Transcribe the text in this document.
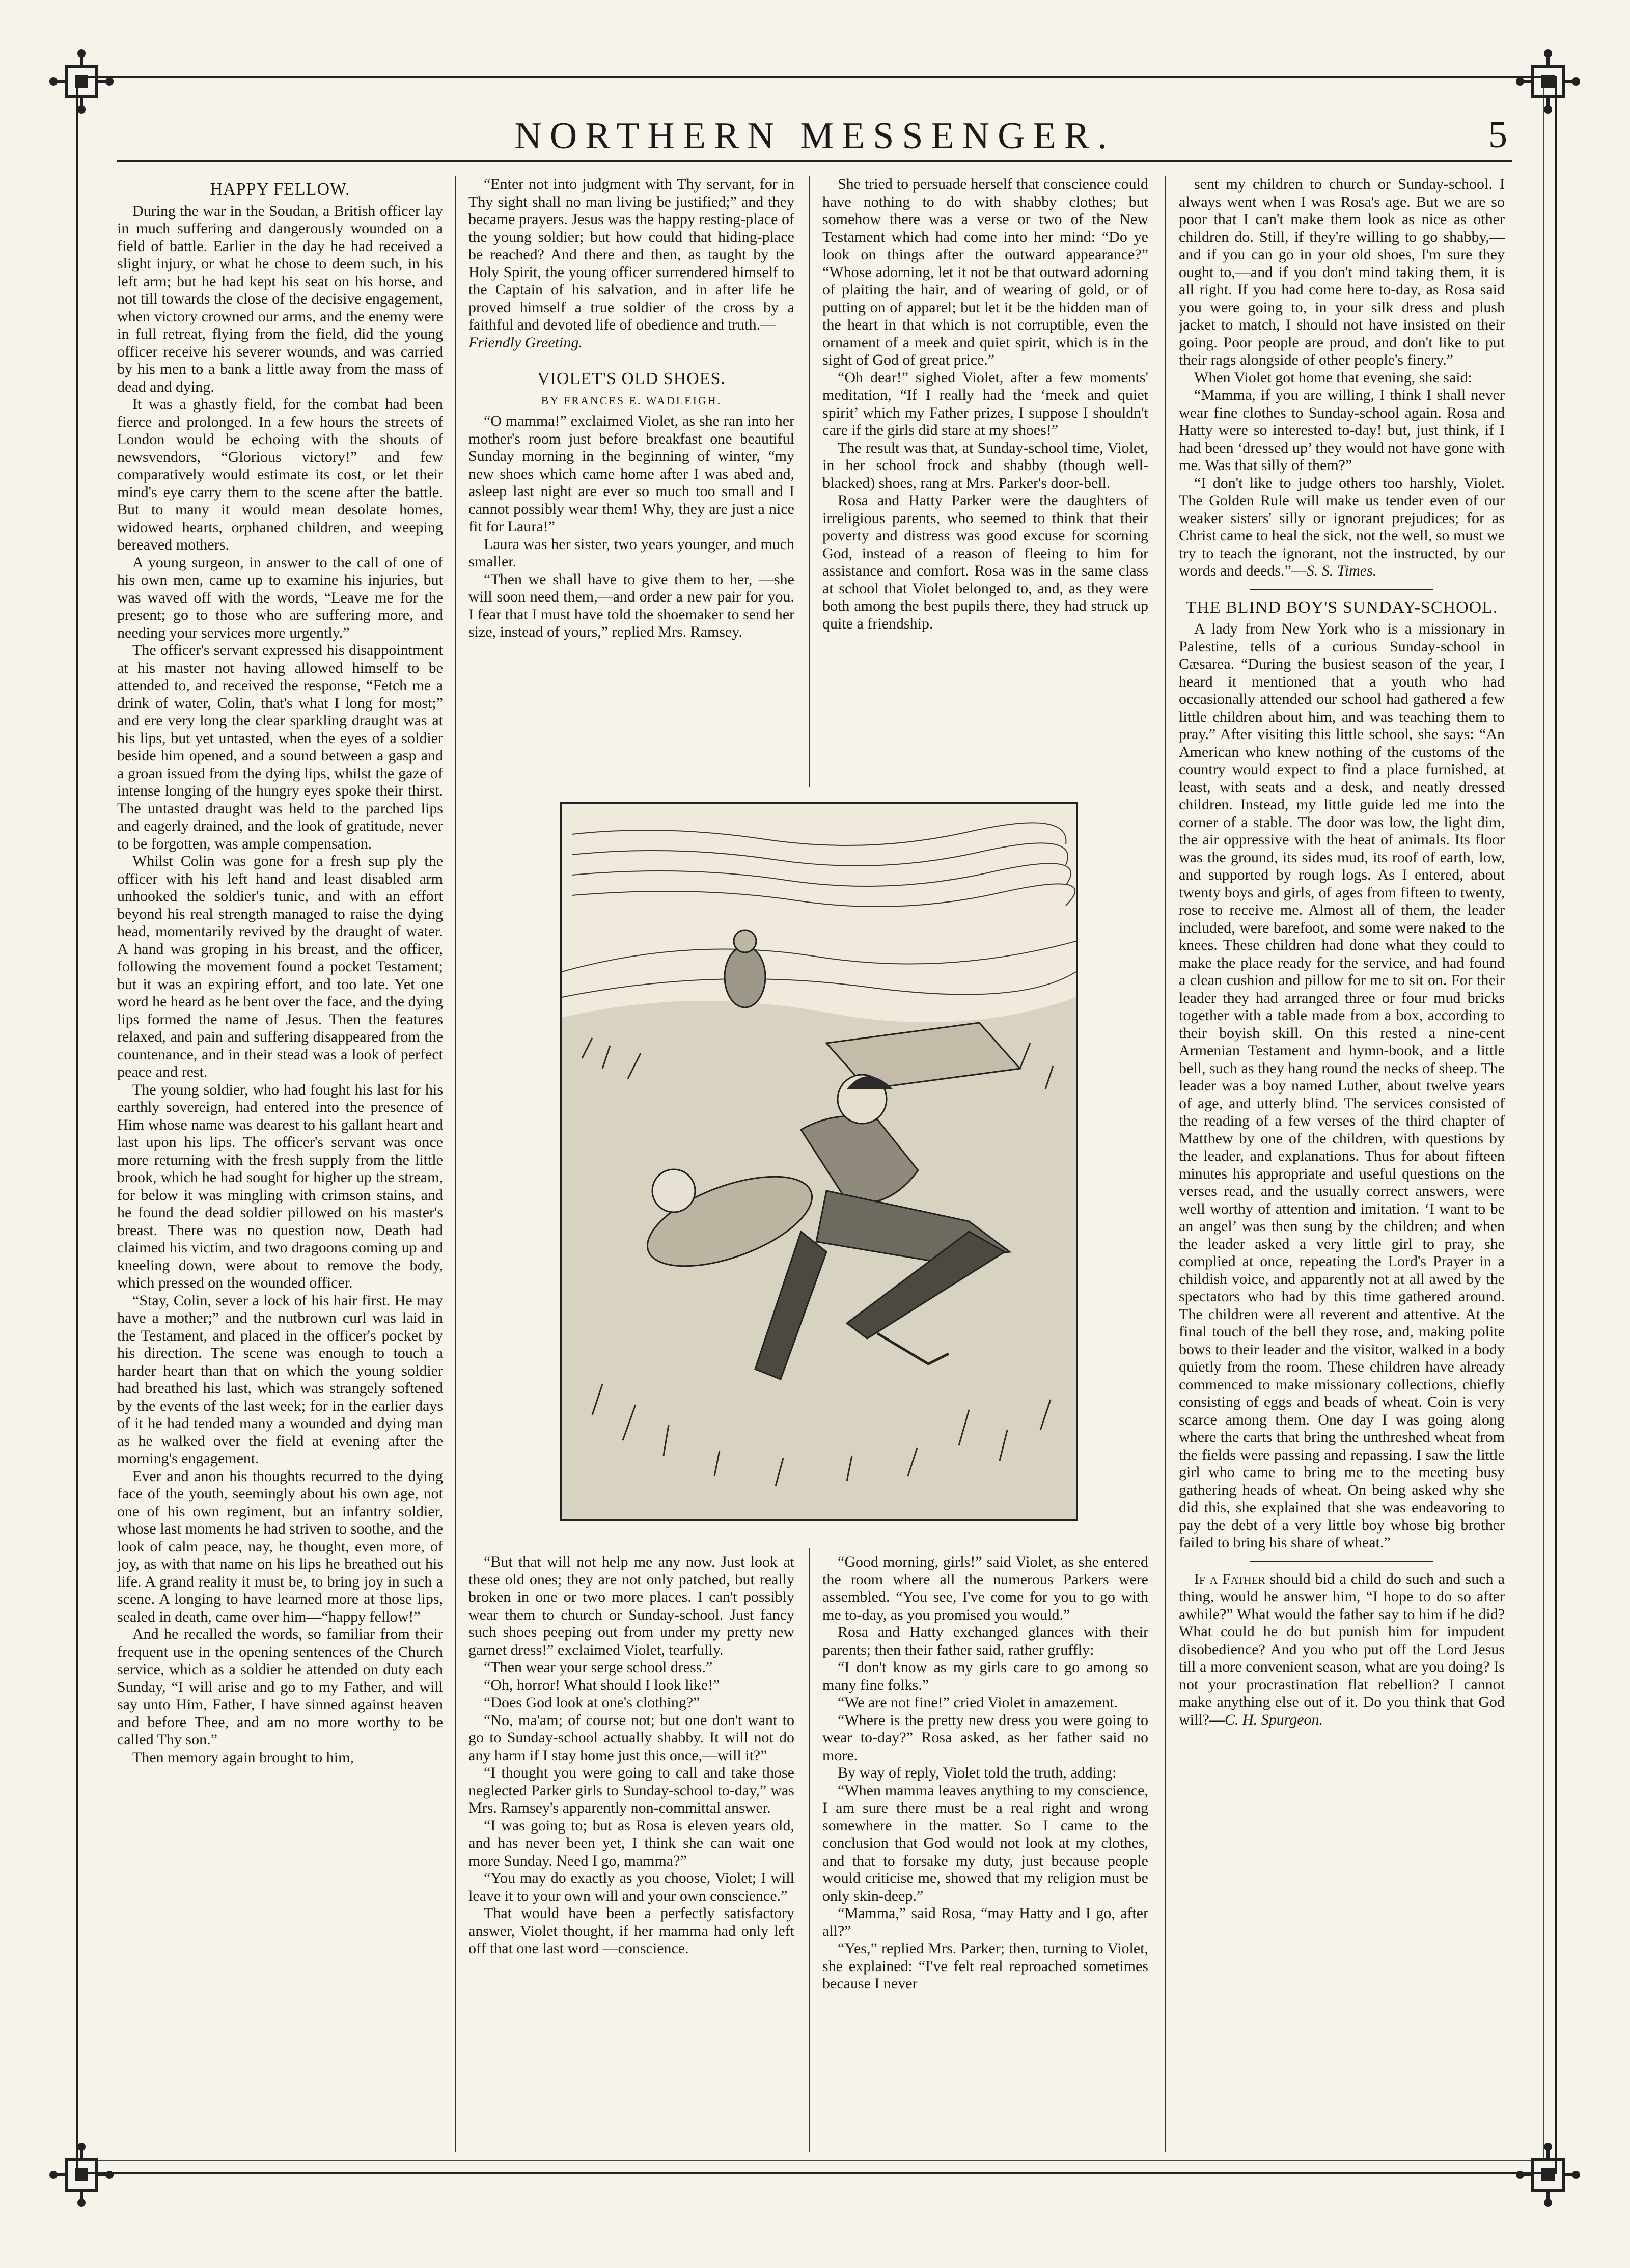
NORTHERN MESSENGER.	5

HAPPY FELLOW.

During the war in the Soudan, a British officer lay in much suffering and dangerously wounded on a field of battle. Earlier in the day he had received a slight injury, or what he chose to deem such, in his left arm; but he had kept his seat on his horse, and not till towards the close of the decisive engagement, when victory crowned our arms, and the enemy were in full retreat, flying from the field, did the young officer receive his severer wounds, and was carried by his men to a bank a little away from the mass of dead and dying.

It was a ghastly field, for the combat had been fierce and prolonged. In a few hours the streets of London would be echoing with the shouts of newsvendors, “Glorious victory!” and few comparatively would estimate its cost, or let their mind's eye carry them to the scene after the battle. But to many it would mean desolate homes, widowed hearts, orphaned children, and weeping bereaved mothers.

A young surgeon, in answer to the call of one of his own men, came up to examine his injuries, but was waved off with the words, “Leave me for the present; go to those who are suffering more, and needing your services more urgently.”

The officer's servant expressed his disappointment at his master not having allowed himself to be attended to, and received the response, “Fetch me a drink of water, Colin, that's what I long for most;” and ere very long the clear sparkling draught was at his lips, but yet untasted, when the eyes of a soldier beside him opened, and a sound between a gasp and a groan issued from the dying lips, whilst the gaze of intense longing of the hungry eyes spoke their thirst. The untasted draught was held to the parched lips and eagerly drained, and the look of gratitude, never to be forgotten, was ample compensation.

Whilst Colin was gone for a fresh sup ply the officer with his left hand and least disabled arm unhooked the soldier's tunic, and with an effort beyond his real strength managed to raise the dying head, momentarily revived by the draught of water. A hand was groping in his breast, and the officer, following the movement found a pocket Testament; but it was an expiring effort, and too late. Yet one word he heard as he bent over the face, and the dying lips formed the name of Jesus. Then the features relaxed, and pain and suffering disappeared from the countenance, and in their stead was a look of perfect peace and rest.

The young soldier, who had fought his last for his earthly sovereign, had entered into the presence of Him whose name was dearest to his gallant heart and last upon his lips. The officer's servant was once more returning with the fresh supply from the little brook, which he had sought for higher up the stream, for below it was mingling with crimson stains, and he found the dead soldier pillowed on his master's breast. There was no question now, Death had claimed his victim, and two dragoons coming up and kneeling down, were about to remove the body, which pressed on the wounded officer.

“Stay, Colin, sever a lock of his hair first. He may have a mother;” and the nutbrown curl was laid in the Testament, and placed in the officer's pocket by his direction. The scene was enough to touch a harder heart than that on which the young soldier had breathed his last, which was strangely softened by the events of the last week; for in the earlier days of it he had tended many a wounded and dying man as he walked over the field at evening after the morning's engagement.

Ever and anon his thoughts recurred to the dying face of the youth, seemingly about his own age, not one of his own regiment, but an infantry soldier, whose last moments he had striven to soothe, and the look of calm peace, nay, he thought, even more, of joy, as with that name on his lips he breathed out his life. A grand reality it must be, to bring joy in such a scene. A longing to have learned more at those lips, sealed in death, came over him—“happy fellow!”

And he recalled the words, so familiar from their frequent use in the opening sentences of the Church service, which as a soldier he attended on duty each Sunday, “I will arise and go to my Father, and will say unto Him, Father, I have sinned against heaven and before Thee, and am no more worthy to be called Thy son.”

Then memory again brought to him,

“Enter not into judgment with Thy servant, for in Thy sight shall no man living be justified;” and they became prayers. Jesus was the happy resting-place of the young soldier; but how could that hiding-place be reached? And there and then, as taught by the Holy Spirit, the young officer surrendered himself to the Captain of his salvation, and in after life he proved himself a true soldier of the cross by a faithful and devoted life of obedience and truth.—

Friendly Greeting.

VIOLET'S OLD SHOES.

BY FRANCES E. WADLEIGH.

“O mamma!” exclaimed Violet, as she ran into her mother's room just before breakfast one beautiful Sunday morning in the beginning of winter, “my new shoes which came home after I was abed and, asleep last night are ever so much too small and I cannot possibly wear them! Why, they are just a nice fit for Laura!”

Laura was her sister, two years younger, and much smaller.

“Then we shall have to give them to her, —she will soon need them,—and order a new pair for you. I fear that I must have told the shoemaker to send her size, instead of yours,” replied Mrs. Ramsey.

She tried to persuade herself that conscience could have nothing to do with shabby clothes; but somehow there was a verse or two of the New Testament which had come into her mind: “Do ye look on things after the outward appearance?” “Whose adorning, let it not be that outward adorning of plaiting the hair, and of wearing of gold, or of putting on of apparel; but let it be the hidden man of the heart in that which is not corruptible, even the ornament of a meek and quiet spirit, which is in the sight of God of great price.”

“Oh dear!” sighed Violet, after a few moments' meditation, “If I really had the ‘meek and quiet spirit’ which my Father prizes, I suppose I shouldn't care if the girls did stare at my shoes!”

The result was that, at Sunday-school time, Violet, in her school frock and shabby (though well-blacked) shoes, rang at Mrs. Parker's door-bell.

Rosa and Hatty Parker were the daughters of irreligious parents, who seemed to think that their poverty and distress was good excuse for scorning God, instead of a reason of fleeing to him for assistance and comfort. Rosa was in the same class at school that Violet belonged to, and, as they were both among the best pupils there, they had struck up quite a friendship.

“But that will not help me any now. Just look at these old ones; they are not only patched, but really broken in one or two more places. I can't possibly wear them to church or Sunday-school. Just fancy such shoes peeping out from under my pretty new garnet dress!” exclaimed Violet, tearfully.

“Then wear your serge school dress.”

“Oh, horror! What should I look like!”

“Does God look at one's clothing?”

“No, ma'am; of course not; but one don't want to go to Sunday-school actually shabby. It will not do any harm if I stay home just this once,—will it?”

“I thought you were going to call and take those neglected Parker girls to Sunday-school to-day,” was Mrs. Ramsey's apparently non-committal answer.

“I was going to; but as Rosa is eleven years old, and has never been yet, I think she can wait one more Sunday. Need I go, mamma?”

“You may do exactly as you choose, Violet; I will leave it to your own will and your own conscience.”

That would have been a perfectly satisfactory answer, Violet thought, if her mamma had only left off that one last word —conscience.

“Good morning, girls!” said Violet, as she entered the room where all the numerous Parkers were assembled. “You see, I've come for you to go with me to-day, as you promised you would.”

Rosa and Hatty exchanged glances with their parents; then their father said, rather gruffly:

“I don't know as my girls care to go among so many fine folks.”

“We are not fine!” cried Violet in amazement.

“Where is the pretty new dress you were going to wear to-day?” Rosa asked, as her father said no more.

By way of reply, Violet told the truth, adding:

“When mamma leaves anything to my conscience, I am sure there must be a real right and wrong somewhere in the matter. So I came to the conclusion that God would not look at my clothes, and that to forsake my duty, just because people would criticise me, showed that my religion must be only skin-deep.”

“Mamma,” said Rosa, “may Hatty and I go, after all?”

“Yes,” replied Mrs. Parker; then, turning to Violet, she explained: “I've felt real reproached sometimes because I never

sent my children to church or Sunday-school. I always went when I was Rosa's age. But we are so poor that I can't make them look as nice as other children do. Still, if they're willing to go shabby,—and if you can go in your old shoes, I'm sure they ought to,—and if you don't mind taking them, it is all right. If you had come here to-day, as Rosa said you were going to, in your silk dress and plush jacket to match, I should not have insisted on their going. Poor people are proud, and don't like to put their rags alongside of other people's finery.”

When Violet got home that evening, she said:

“Mamma, if you are willing, I think I shall never wear fine clothes to Sunday-school again. Rosa and Hatty were so interested to-day! but, just think, if I had been ‘dressed up’ they would not have gone with me. Was that silly of them?”

“I don't like to judge others too harshly, Violet. The Golden Rule will make us tender even of our weaker sisters' silly or ignorant prejudices; for as Christ came to heal the sick, not the well, so must we try to teach the ignorant, not the instructed, by our words and deeds.”—S. S. Times.

THE BLIND BOY'S SUNDAY-SCHOOL.

A lady from New York who is a missionary in Palestine, tells of a curious Sunday-school in Cæsarea. “During the busiest season of the year, I heard it mentioned that a youth who had occasionally attended our school had gathered a few little children about him, and was teaching them to pray.” After visiting this little school, she says: “An American who knew nothing of the customs of the country would expect to find a place furnished, at least, with seats and a desk, and neatly dressed children. Instead, my little guide led me into the corner of a stable. The door was low, the light dim, the air oppressive with the heat of animals. Its floor was the ground, its sides mud, its roof of earth, low, and supported by rough logs. As I entered, about twenty boys and girls, of ages from fifteen to twenty, rose to receive me. Almost all of them, the leader included, were barefoot, and some were naked to the knees. These children had done what they could to make the place ready for the service, and had found a clean cushion and pillow for me to sit on. For their leader they had arranged three or four mud bricks together with a table made from a box, according to their boyish skill. On this rested a nine-cent Armenian Testament and hymn-book, and a little bell, such as they hang round the necks of sheep. The leader was a boy named Luther, about twelve years of age, and utterly blind. The services consisted of the reading of a few verses of the third chapter of Matthew by one of the children, with questions by the leader, and explanations. Thus for about fifteen minutes his appropriate and useful questions on the verses read, and the usually correct answers, were well worthy of attention and imitation. ‘I want to be an angel’ was then sung by the children; and when the leader asked a very little girl to pray, she complied at once, repeating the Lord's Prayer in a childish voice, and apparently not at all awed by the spectators who had by this time gathered around. The children were all reverent and attentive. At the final touch of the bell they rose, and, making polite bows to their leader and the visitor, walked in a body quietly from the room. These children have already commenced to make missionary collections, chiefly consisting of eggs and beads of wheat. Coin is very scarce among them. One day I was going along where the carts that bring the unthreshed wheat from the fields were passing and repassing. I saw the little girl who came to bring me to the meeting busy gathering heads of wheat. On being asked why she did this, she explained that she was endeavoring to pay the debt of a very little boy whose big brother failed to bring his share of wheat.”

If a Father should bid a child do such and such a thing, would he answer him, “I hope to do so after awhile?” What would the father say to him if he did? What could he do but punish him for impudent disobedience? And you who put off the Lord Jesus till a more convenient season, what are you doing? Is not your procrastination flat rebellion? I cannot make anything else out of it. Do you think that God will?—C. H. Spurgeon.
